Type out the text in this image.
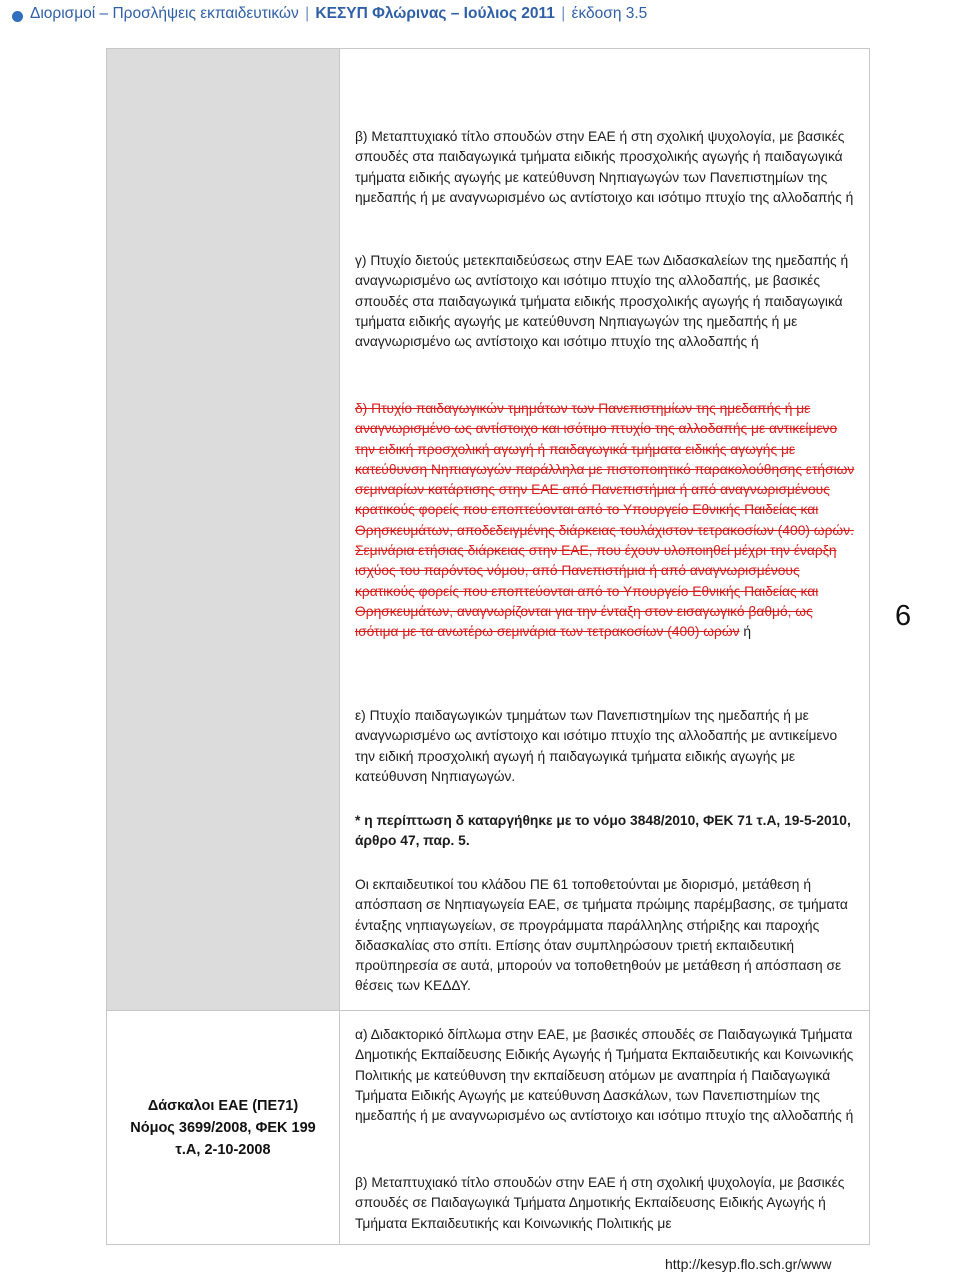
Διορισμοί – Προσλήψεις εκπαιδευτικών | ΚΕΣΥΠ Φλώρινας – Ιούλιος 2011 | έκδοση 3.5
Δάσκαλοι ΕΑΕ (ΠΕ71)
Νόμος 3699/2008, ΦΕΚ 199
τ.Α, 2-10-2008

β) Μεταπτυχιακό τίτλο σπουδών στην ΕΑΕ ή στη σχολική ψυχολογία, με βασικές σπουδές στα παιδαγωγικά τμήματα ειδικής προσχολικής αγωγής ή παιδαγωγικά τμήματα ειδικής αγωγής με κατεύθυνση Νηπιαγωγών των Πανεπιστημίων της ημεδαπής ή με αναγνωρισμένο ως αντίστοιχο και ισότιμο πτυχίο της αλλοδαπής ή

γ) Πτυχίο διετούς μετεκπαιδεύσεως στην ΕΑΕ των Διδασκαλείων της ημεδαπής ή αναγνωρισμένο ως αντίστοιχο και ισότιμο πτυχίο της αλλοδαπής, με βασικές σπουδές στα παιδαγωγικά τμήματα ειδικής προσχολικής αγωγής ή παιδαγωγικά τμήματα ειδικής αγωγής με κατεύθυνση Νηπιαγωγών της ημεδαπής ή με αναγνωρισμένο ως αντίστοιχο και ισότιμο πτυχίο της αλλοδαπής ή

δ) Πτυχίο παιδαγωγικών τμημάτων των Πανεπιστημίων της ημεδαπής ή με αναγνωρισμένο ως αντίστοιχο και ισότιμο πτυχίο της αλλοδαπής με αντικείμενο την ειδική προσχολική αγωγή ή παιδαγωγικά τμήματα ειδικής αγωγής με κατεύθυνση Νηπιαγωγών παράλληλα με πιστοποιητικό παρακολούθησης ετήσιων σεμιναρίων κατάρτισης στην ΕΑΕ από Πανεπιστήμια ή από αναγνωρισμένους κρατικούς φορείς που εποπτεύονται από το Υπουργείο Εθνικής Παιδείας και Θρησκευμάτων, αποδεδειγμένης διάρκειας τουλάχιστον τετρακοσίων (400) ωρών. Σεμινάρια ετήσιας διάρκειας στην ΕΑΕ, που έχουν υλοποιηθεί μέχρι την έναρξη ισχύος του παρόντος νόμου, από Πανεπιστήμια ή από αναγνωρισμένους κρατικούς φορείς που εποπτεύονται από το Υπουργείο Εθνικής Παιδείας και Θρησκευμάτων, αναγνωρίζονται για την ένταξη στον εισαγωγικό βαθμό, ως ισότιμα με τα ανωτέρω σεμινάρια των τετρακοσίων (400) ωρών ή

ε) Πτυχίο παιδαγωγικών τμημάτων των Πανεπιστημίων της ημεδαπής ή με αναγνωρισμένο ως αντίστοιχο και ισότιμο πτυχίο της αλλοδαπής με αντικείμενο την ειδική προσχολική αγωγή ή παιδαγωγικά τμήματα ειδικής αγωγής με κατεύθυνση Νηπιαγωγών.

* η περίπτωση δ καταργήθηκε με το νόμο 3848/2010, ΦΕΚ 71 τ.Α, 19-5-2010, άρθρο 47, παρ. 5.

Οι εκπαιδευτικοί του κλάδου ΠΕ 61 τοποθετούνται με διορισμό, μετάθεση ή απόσπαση σε Νηπιαγωγεία ΕΑΕ, σε τμήματα πρώιμης παρέμβασης, σε τμήματα ένταξης νηπιαγωγείων, σε προγράμματα παράλληλης στήριξης και παροχής διδασκαλίας στο σπίτι. Επίσης όταν συμπληρώσουν τριετή εκπαιδευτική προϋπηρεσία σε αυτά, μπορούν να τοποθετηθούν με μετάθεση ή απόσπαση σε θέσεις των ΚΕΔΔΥ.

α) Διδακτορικό δίπλωμα στην ΕΑΕ, με βασικές σπουδές σε Παιδαγωγικά Τμήματα Δημοτικής Εκπαίδευσης Ειδικής Αγωγής ή Τμήματα Εκπαιδευτικής και Κοινωνικής Πολιτικής με κατεύθυνση την εκπαίδευση ατόμων με αναπηρία ή Παιδαγωγικά Τμήματα Ειδικής Αγωγής με κατεύθυνση Δασκάλων, των Πανεπιστημίων της ημεδαπής ή με αναγνωρισμένο ως αντίστοιχο και ισότιμο πτυχίο της αλλοδαπής ή

β) Μεταπτυχιακό τίτλο σπουδών στην ΕΑΕ ή στη σχολική ψυχολογία, με βασικές σπουδές σε Παιδαγωγικά Τμήματα Δημοτικής Εκπαίδευσης Ειδικής Αγωγής ή Τμήματα Εκπαιδευτικής και Κοινωνικής Πολιτικής με

6
http://kesyp.flo.sch.gr/www
